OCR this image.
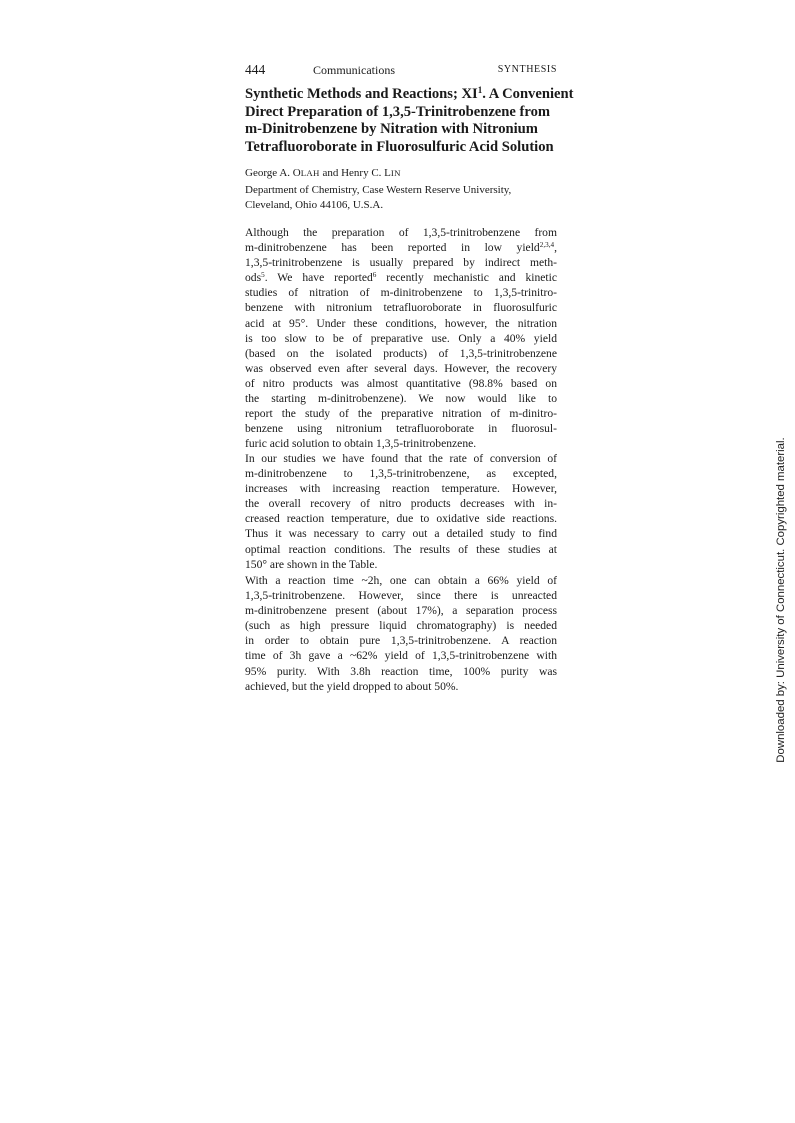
444	Communications	SYNTHESIS
Synthetic Methods and Reactions; $XI^1$. A Convenient
Direct Preparation of 1,3,5-Trinitrobenzene from
m-Dinitrobenzene by Nitration with Nitronium
Tetrafluoroborate in Fluorosulfuric Acid Solution
George A. OLAH and Henry C. LIN
Department of Chemistry, Case Western Reserve University,
Cleveland, Ohio 44106, U.S.A.
Although the preparation of 1,3,5-trinitrobenzene from
m-dinitrobenzene has been reported in low yield$^{2,3,4}$,
1,3,5-trinitrobenzene is usually prepared by indirect meth-
ods$^5$. We have reported$^6$ recently mechanistic and kinetic
studies of nitration of m-dinitrobenzene to 1,3,5-trinitro-
benzene with nitronium tetrafluoroborate in fluorosulfuric
acid at 95°. Under these conditions, however, the nitration
is too slow to be of preparative use. Only a 40% yield
(based on the isolated products) of 1,3,5-trinitrobenzene
was observed even after several days. However, the recovery
of nitro products was almost quantitative (98.8% based on
the starting m-dinitrobenzene). We now would like to
report the study of the preparative nitration of m-dinitro-
benzene using nitronium tetrafluoroborate in fluorosul-
furic acid solution to obtain 1,3,5-trinitrobenzene.
In our studies we have found that the rate of conversion of
m-dinitrobenzene to 1,3,5-trinitrobenzene, as excepted,
increases with increasing reaction temperature. However,
the overall recovery of nitro products decreases with in-
creased reaction temperature, due to oxidative side reactions.
Thus it was necessary to carry out a detailed study to find
optimal reaction conditions. The results of these studies at
150° are shown in the Table.
With a reaction time ~2h, one can obtain a 66% yield of
1,3,5-trinitrobenzene. However, since there is unreacted
m-dinitrobenzene present (about 17%), a separation process
(such as high pressure liquid chromatography) is needed
in order to obtain pure 1,3,5-trinitrobenzene. A reaction
time of 3h gave a ~62% yield of 1,3,5-trinitrobenzene with
95% purity. With 3.8h reaction time, 100% purity was
achieved, but the yield dropped to about 50%.	Downloaded by: University of Connecticut. Copyrighted material.
